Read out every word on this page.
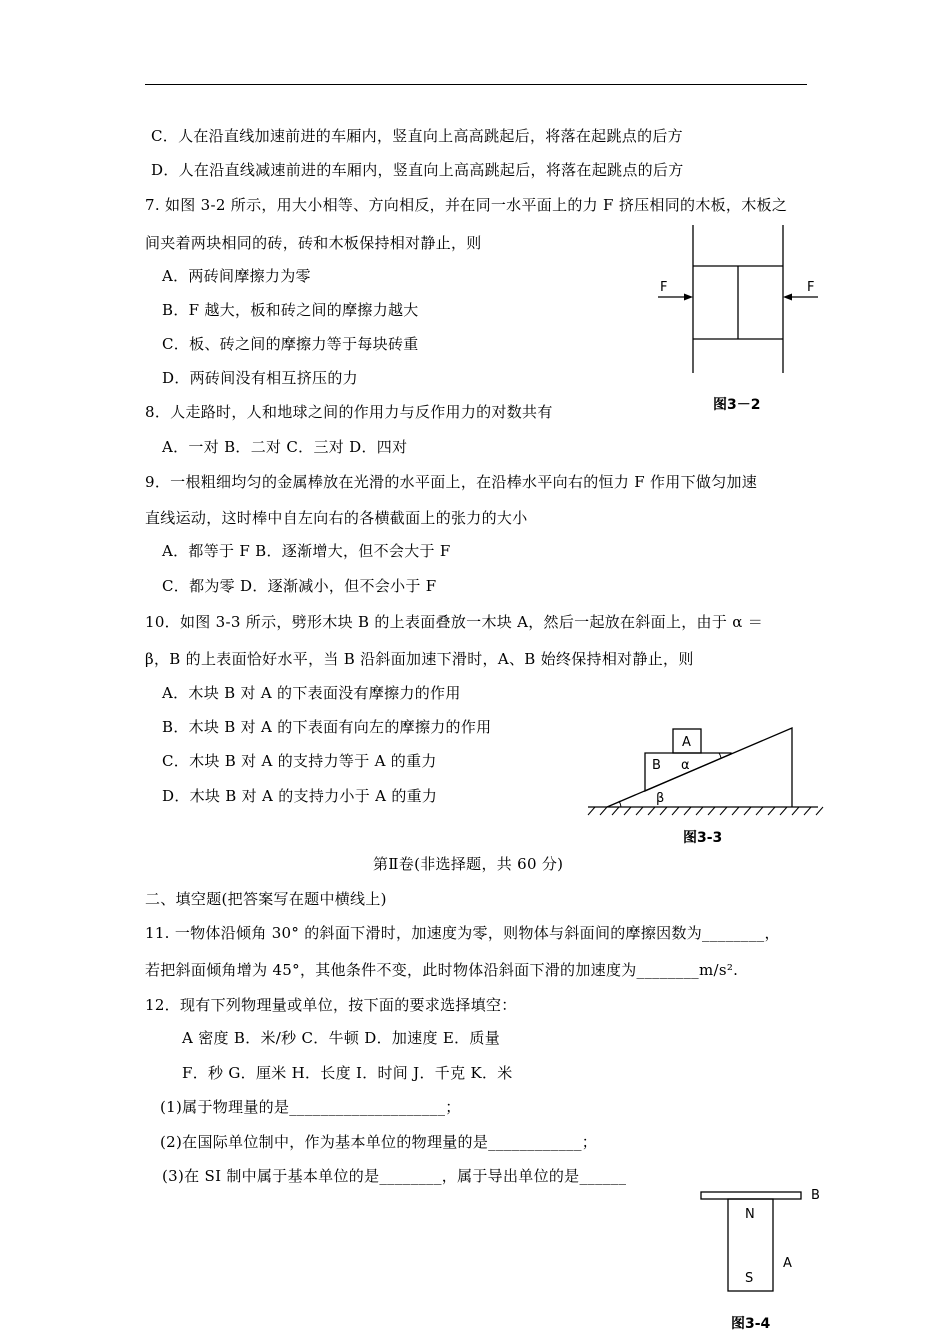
C．人在沿直线加速前进的车厢内，竖直向上高高跳起后，将落在起跳点的后方
D．人在沿直线减速前进的车厢内，竖直向上高高跳起后，将落在起跳点的后方
7. 如图 3-2 所示，用大小相等、方向相反，并在同一水平面上的力 F 挤压相同的木板，木板之
间夹着两块相同的砖，砖和木板保持相对静止，则
A．两砖间摩擦力为零
B．F 越大，板和砖之间的摩擦力越大
C．板、砖之间的摩擦力等于每块砖重
D．两砖间没有相互挤压的力
8．人走路时，人和地球之间的作用力与反作用力的对数共有
A．一对 B．二对 C．三对 D．四对
9．一根粗细均匀的金属棒放在光滑的水平面上，在沿棒水平向右的恒力 F 作用下做匀加速
直线运动，这时棒中自左向右的各横截面上的张力的大小
A．都等于 F B．逐渐增大，但不会大于 F
C．都为零 D．逐渐减小，但不会小于 F
10．如图 3-3 所示，劈形木块 B 的上表面叠放一木块 A，然后一起放在斜面上，由于 α ＝
β，B 的上表面恰好水平，当 B 沿斜面加速下滑时，A、B 始终保持相对静止，则
A．木块 B 对 A 的下表面没有摩擦力的作用
B．木块 B 对 A 的下表面有向左的摩擦力的作用
C．木块 B 对 A 的支持力等于 A 的重力
D．木块 B 对 A 的支持力小于 A 的重力
第Ⅱ卷(非选择题，共 60 分)
二、填空题(把答案写在题中横线上)
11. 一物体沿倾角 30° 的斜面下滑时，加速度为零，则物体与斜面间的摩擦因数为________，
若把斜面倾角增为 45°，其他条件不变，此时物体沿斜面下滑的加速度为________m/s².
12．现有下列物理量或单位，按下面的要求选择填空：
A 密度 B．米/秒 C．牛顿 D．加速度 E．质量
F．秒 G．厘米 H．长度 I．时间 J．千克 K．米
(1)属于物理量的是____________________；
(2)在国际单位制中，作为基本单位的物理量的是____________；
(3)在 SI 制中属于基本单位的是________，属于导出单位的是______
F	F
图3－2
A
B α
β
图3-3
N
S
A
B
图3-4
